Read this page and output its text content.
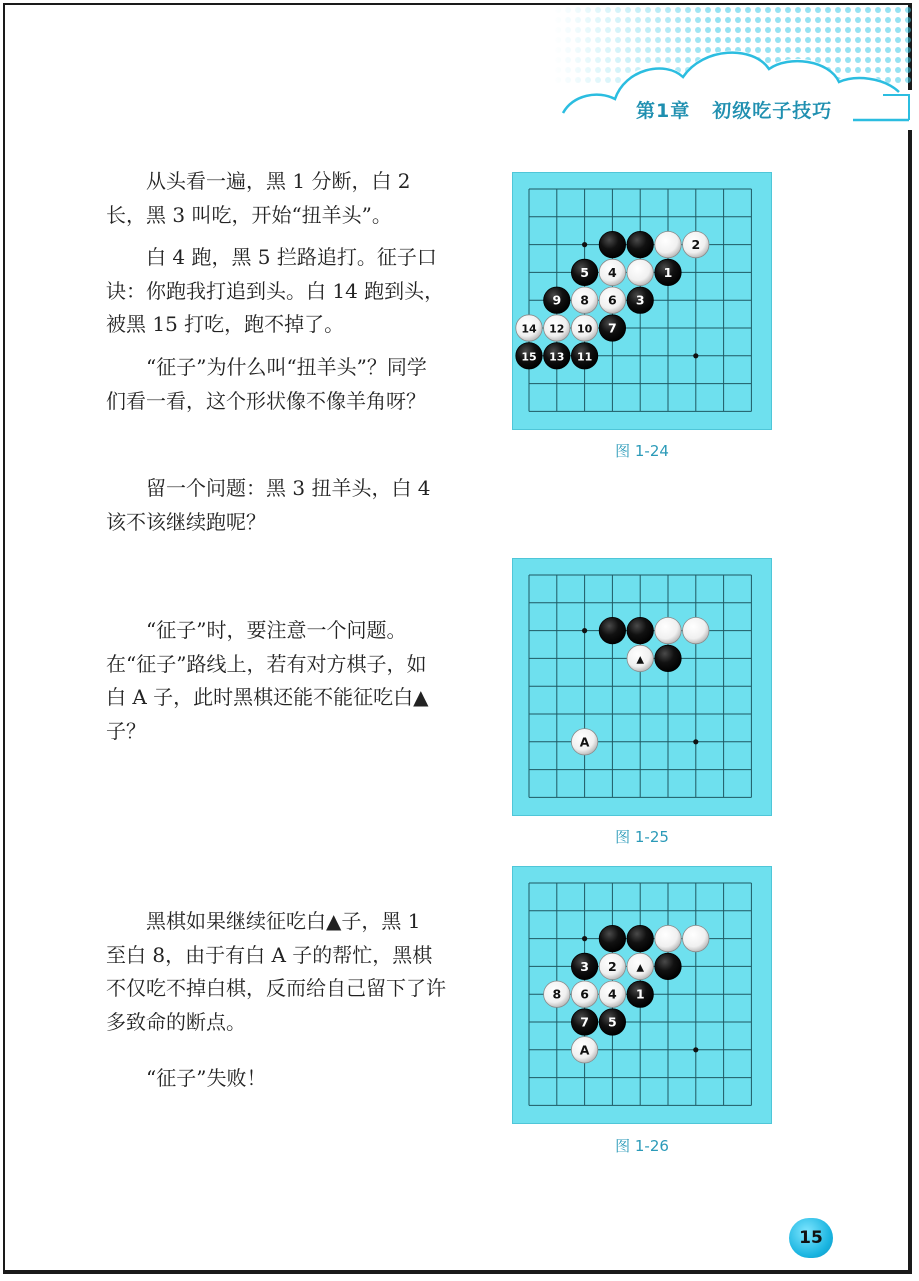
第1章 初级吃子技巧

　　从头看一遍，黑 1 分断，白 2 长，黑 3 叫吃，开始“扭羊头”。

　　白 4 跑，黑 5 拦路追打。征子口诀：你跑我打追到头。白 14 跑到头，被黑 15 打吃，跑不掉了。

　　“征子”为什么叫“扭羊头”？同学们看一看，这个形状像不像羊角呀？

　　留一个问题：黑 3 扭羊头，白 4 该不该继续跑呢？

　　“征子”时，要注意一个问题。在“征子”路线上，若有对方棋子，如白 A 子，此时黑棋还能不能征吃白▲子？

　　黑棋如果继续征吃白▲子，黑 1 至白 8，由于有白 A 子的帮忙，黑棋不仅吃不掉白棋，反而给自己留下了许多致命的断点。

　　“征子”失败！

2
5 4	1
9 8 6 3
14 12 10 7
15 13 11
图 1-24
▲
A
图 1-25
3 2 ▲
8 6 4 1
7 5
A
图 1-26
15
